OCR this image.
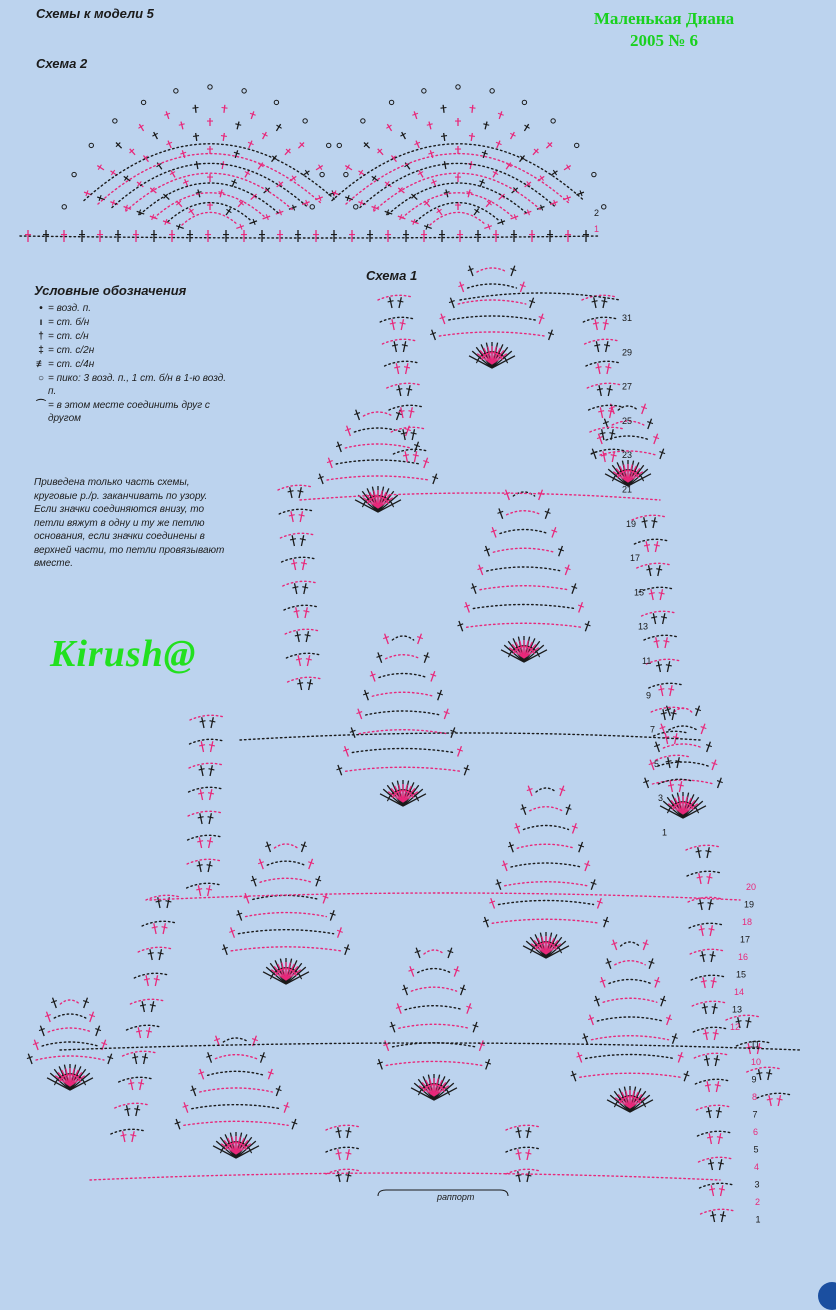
Схемы к модели 5	Маленькая Диана
2005 № 6
Схема 2
Схема 1
Условные обозначения
• = возд. п.
ı = ст. б/н
† = ст. с/н
‡ = ст. с/2н
≢ = ст. с/4н
○ = пико: 3 возд. п., 1 ст. б/н в 1-ю возд. п.
⌒ = в этом месте соединить друг с другом
Приведена только часть схемы, круговые р./р. заканчивать по узору. Если значки соединяются внизу, то петли вяжут в одну и ту же петлю основания, если значки соединены в верхней части, то петли провязывают вместе.
Kirush@
31
29
27
25
23
21
19
17
15
13
11
9
7
5
3
1
20
19
18
17
16
15
14
13
12
11
10
9
8
7
6
5
4
3
2
1
2
1
раппорт
